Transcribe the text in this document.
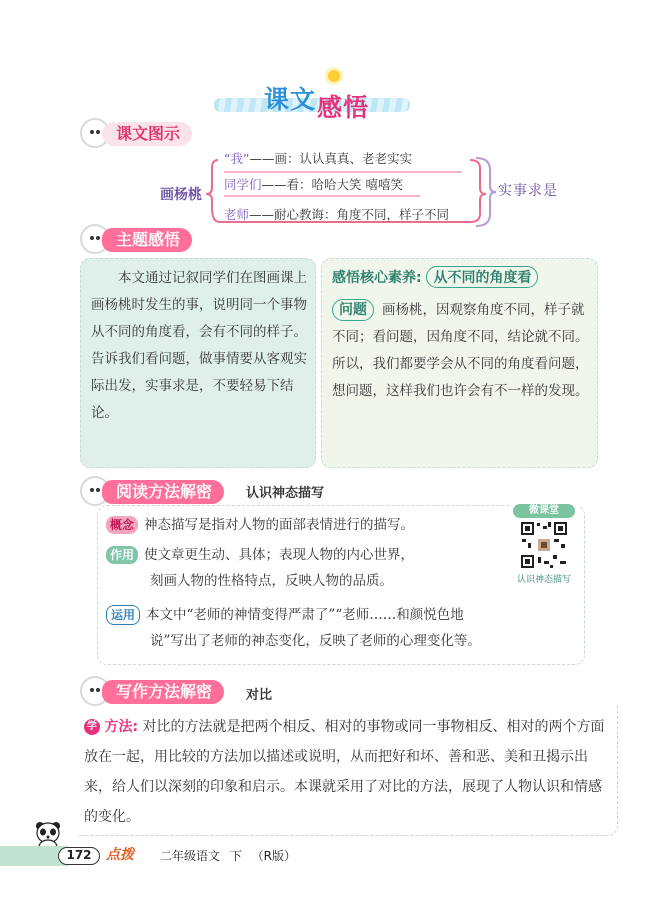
课文 感悟
课文图示
画杨桃
“我”——画：认认真真、老老实实
同学们——看：哈哈大笑 嘻嘻笑
老师——耐心教诲：角度不同，样子不同
实事求是
主题感悟

本文通过记叙同学们在图画课上画杨桃时发生的事，说明同一个事物从不同的角度看，会有不同的样子。告诉我们看问题，做事情要从客观实际出发，实事求是，不要轻易下结论。

感悟核心素养: 从不同的角度看
问题 画杨桃，因观察角度不同，样子就不同；看问题，因角度不同，结论就不同。所以，我们都要学会从不同的角度看问题，想问题，这样我们也许会有不一样的发现。
阅读方法解密	认识神态描写
概念 神态描写是指对人物的面部表情进行的描写。
作用 使文章更生动、具体；表现人物的内心世界，
刻画人物的性格特点，反映人物的品质。
运用 本文中“老师的神情变得严肃了”“老师……和颜悦色地
说”写出了老师的神态变化，反映了老师的心理变化等。
微课堂
认识神态描写
写作方法解密	对比
学 方法: 对比的方法就是把两个相反、相对的事物或同一事物相反、相对的两个方面放在一起，用比较的方法加以描述或说明，从而把好和坏、善和恶、美和丑揭示出来，给人们以深刻的印象和启示。本课就采用了对比的方法，展现了人物认识和情感的变化。
172	点拨 二年级语文 下 （R版）
